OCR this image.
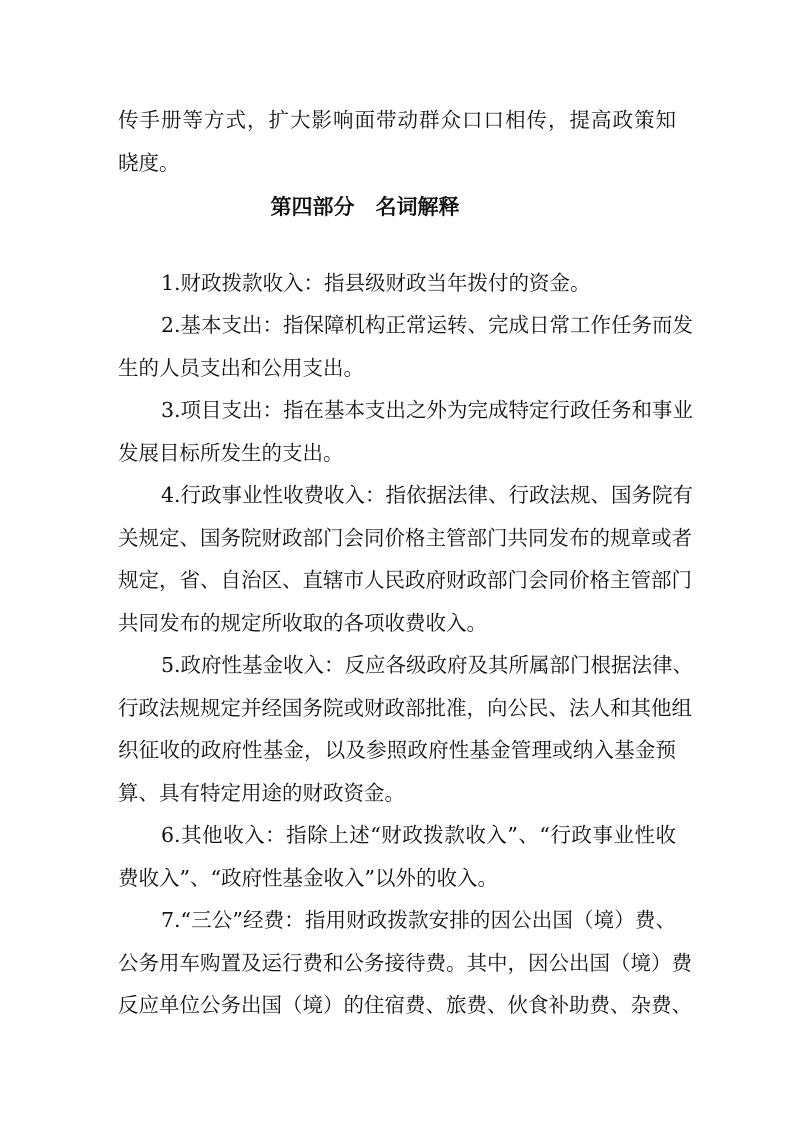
传手册等方式，扩大影响面带动群众口口相传，提高政策知
晓度。
第四部分　名词解释
1.财政拨款收入：指县级财政当年拨付的资金。
2.基本支出：指保障机构正常运转、完成日常工作任务而发
生的人员支出和公用支出。
3.项目支出：指在基本支出之外为完成特定行政任务和事业
发展目标所发生的支出。
4.行政事业性收费收入：指依据法律、行政法规、国务院有
关规定、国务院财政部门会同价格主管部门共同发布的规章或者
规定，省、自治区、直辖市人民政府财政部门会同价格主管部门
共同发布的规定所收取的各项收费收入。
5.政府性基金收入：反应各级政府及其所属部门根据法律、
行政法规规定并经国务院或财政部批准，向公民、法人和其他组
织征收的政府性基金，以及参照政府性基金管理或纳入基金预
算、具有特定用途的财政资金。
6.其他收入：指除上述“财政拨款收入”、“行政事业性收
费收入”、“政府性基金收入”以外的收入。
7.“三公”经费：指用财政拨款安排的因公出国（境）费、
公务用车购置及运行费和公务接待费。其中，因公出国（境）费
反应单位公务出国（境）的住宿费、旅费、伙食补助费、杂费、
